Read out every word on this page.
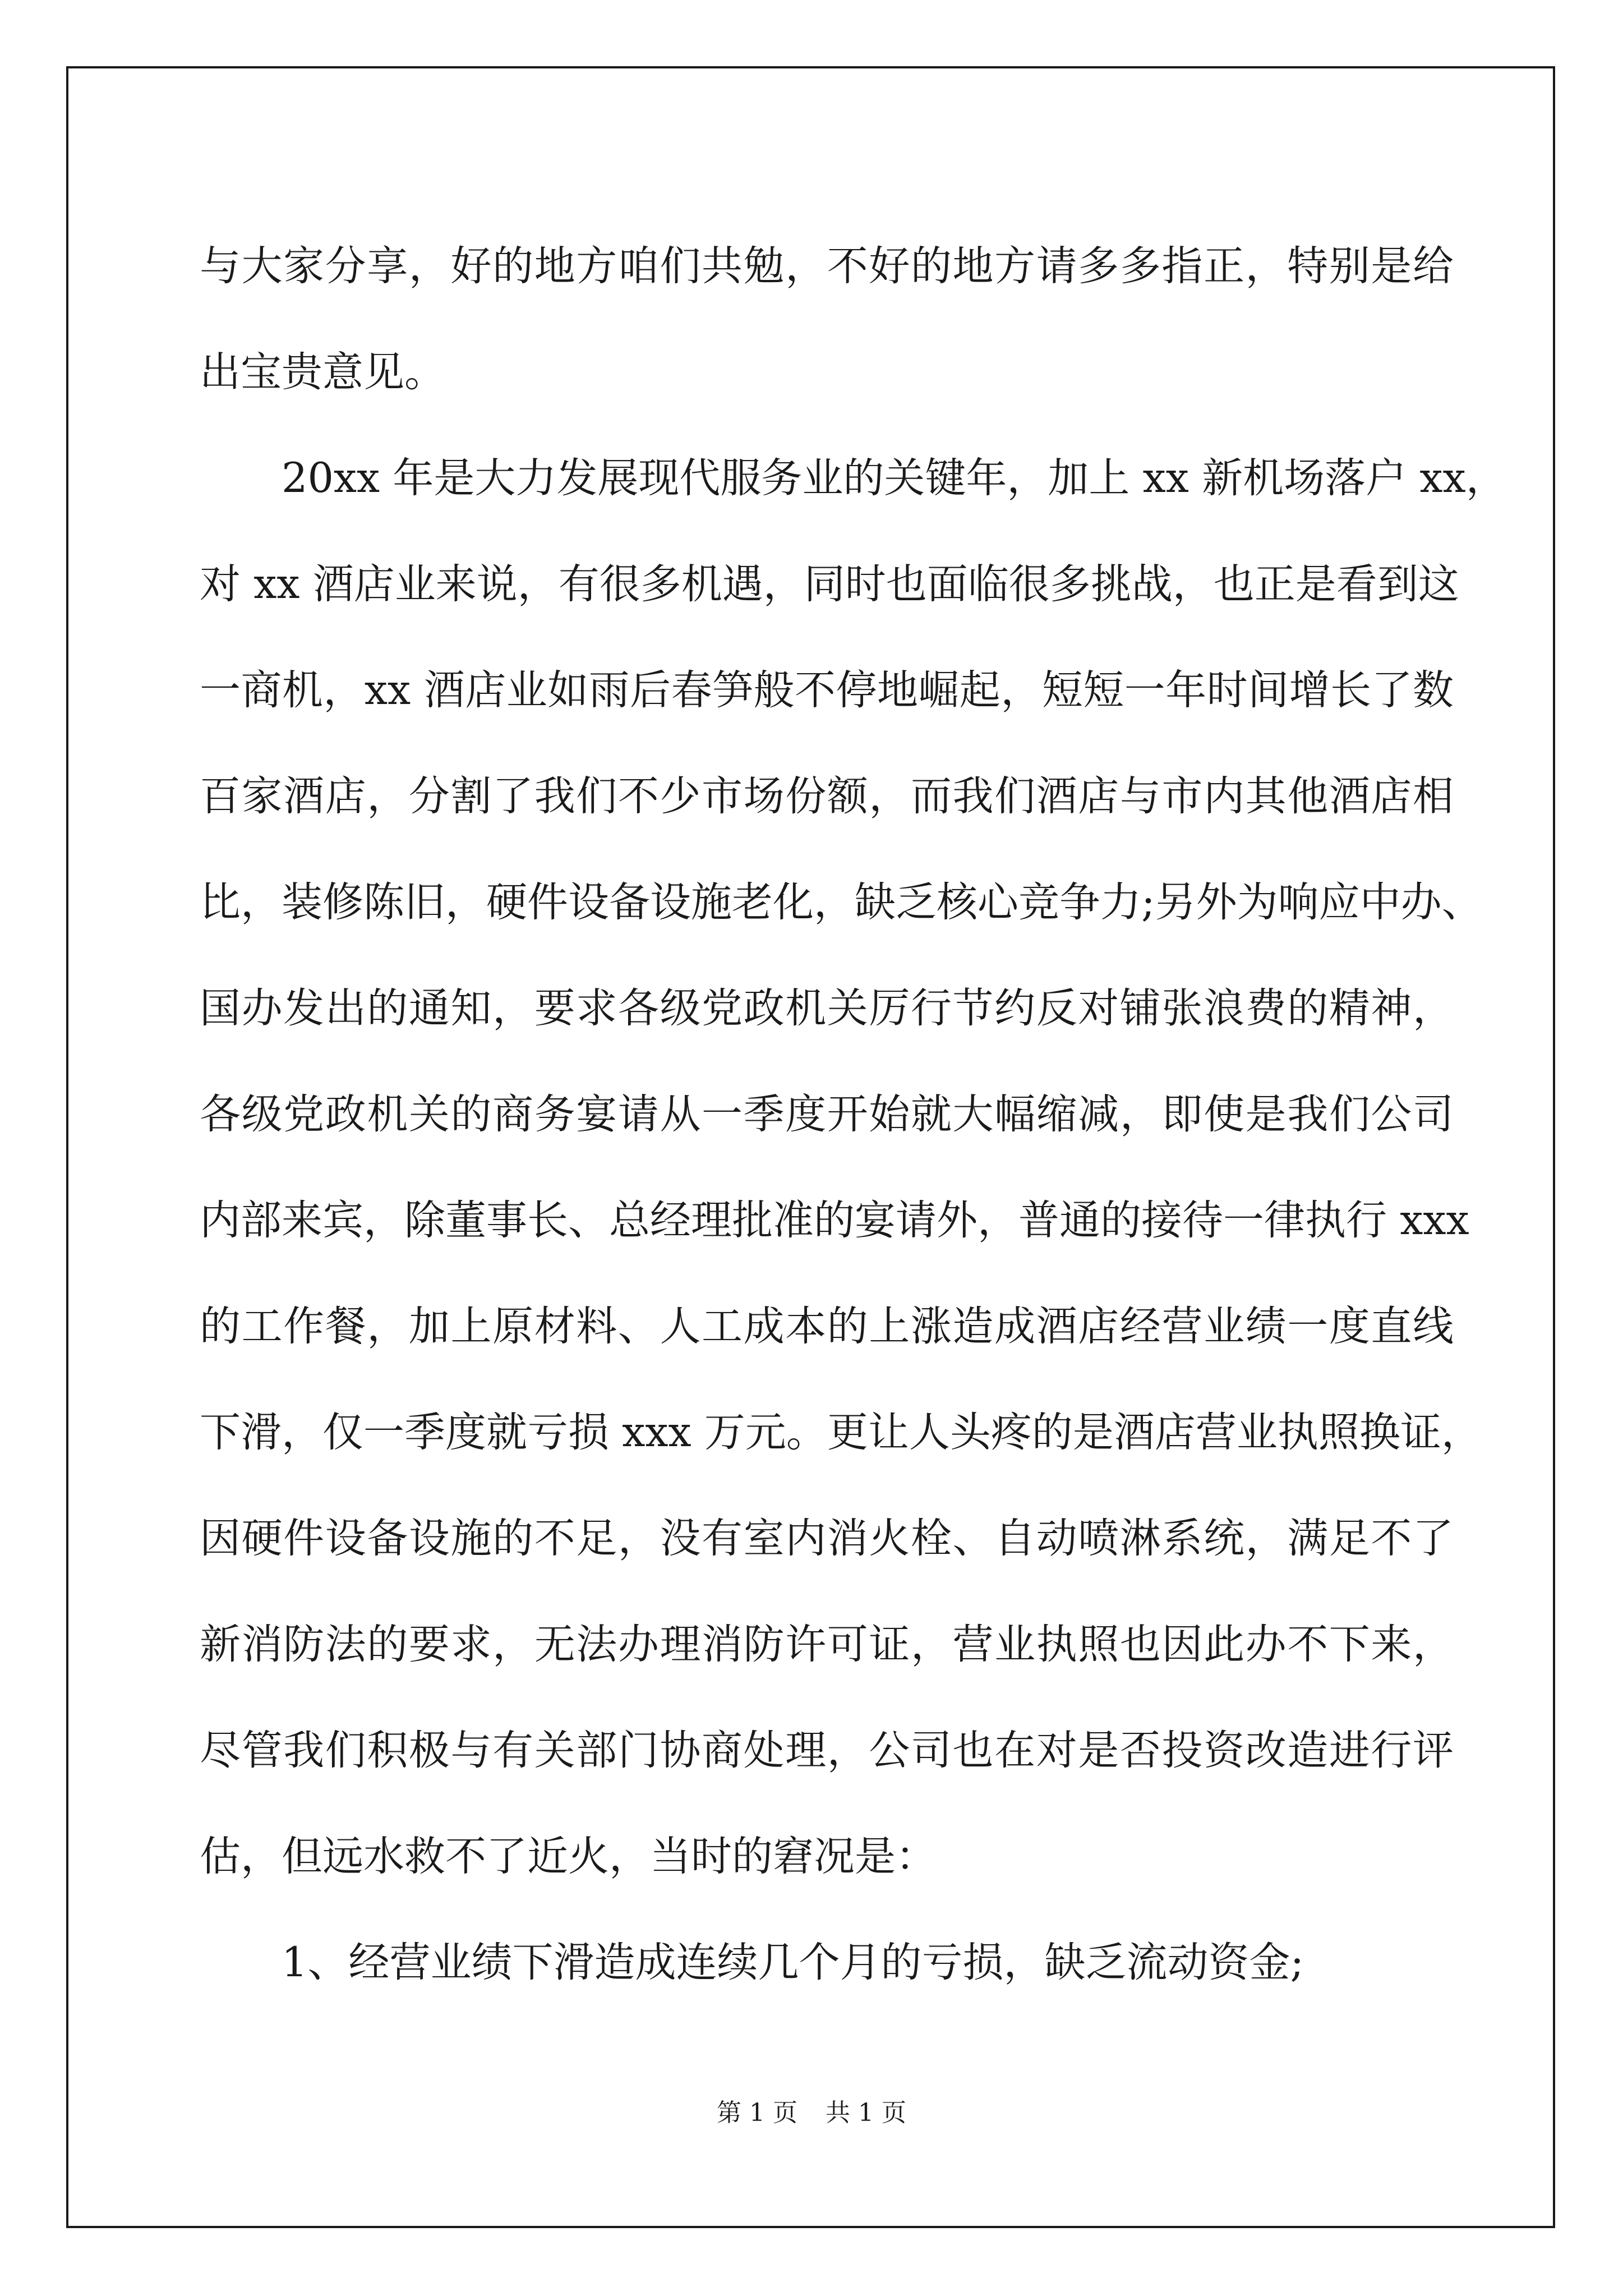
与大家分享，好的地方咱们共勉，不好的地方请多多指正，特别是给
出宝贵意见。
20xx 年是大力发展现代服务业的关键年，加上 xx 新机场落户 xx，
对 xx 酒店业来说，有很多机遇，同时也面临很多挑战，也正是看到这
一商机，xx 酒店业如雨后春笋般不停地崛起，短短一年时间增长了数
百家酒店，分割了我们不少市场份额，而我们酒店与市内其他酒店相
比，装修陈旧，硬件设备设施老化，缺乏核心竞争力;另外为响应中办、
国办发出的通知，要求各级党政机关厉行节约反对铺张浪费的精神，
各级党政机关的商务宴请从一季度开始就大幅缩减，即使是我们公司
内部来宾，除董事长、总经理批准的宴请外，普通的接待一律执行 xxx
的工作餐，加上原材料、人工成本的上涨造成酒店经营业绩一度直线
下滑，仅一季度就亏损 xxx 万元。更让人头疼的是酒店营业执照换证，
因硬件设备设施的不足，没有室内消火栓、自动喷淋系统，满足不了
新消防法的要求，无法办理消防许可证，营业执照也因此办不下来，
尽管我们积极与有关部门协商处理，公司也在对是否投资改造进行评
估，但远水救不了近火，当时的窘况是：
1、经营业绩下滑造成连续几个月的亏损，缺乏流动资金;
第 1 页 共 1 页
